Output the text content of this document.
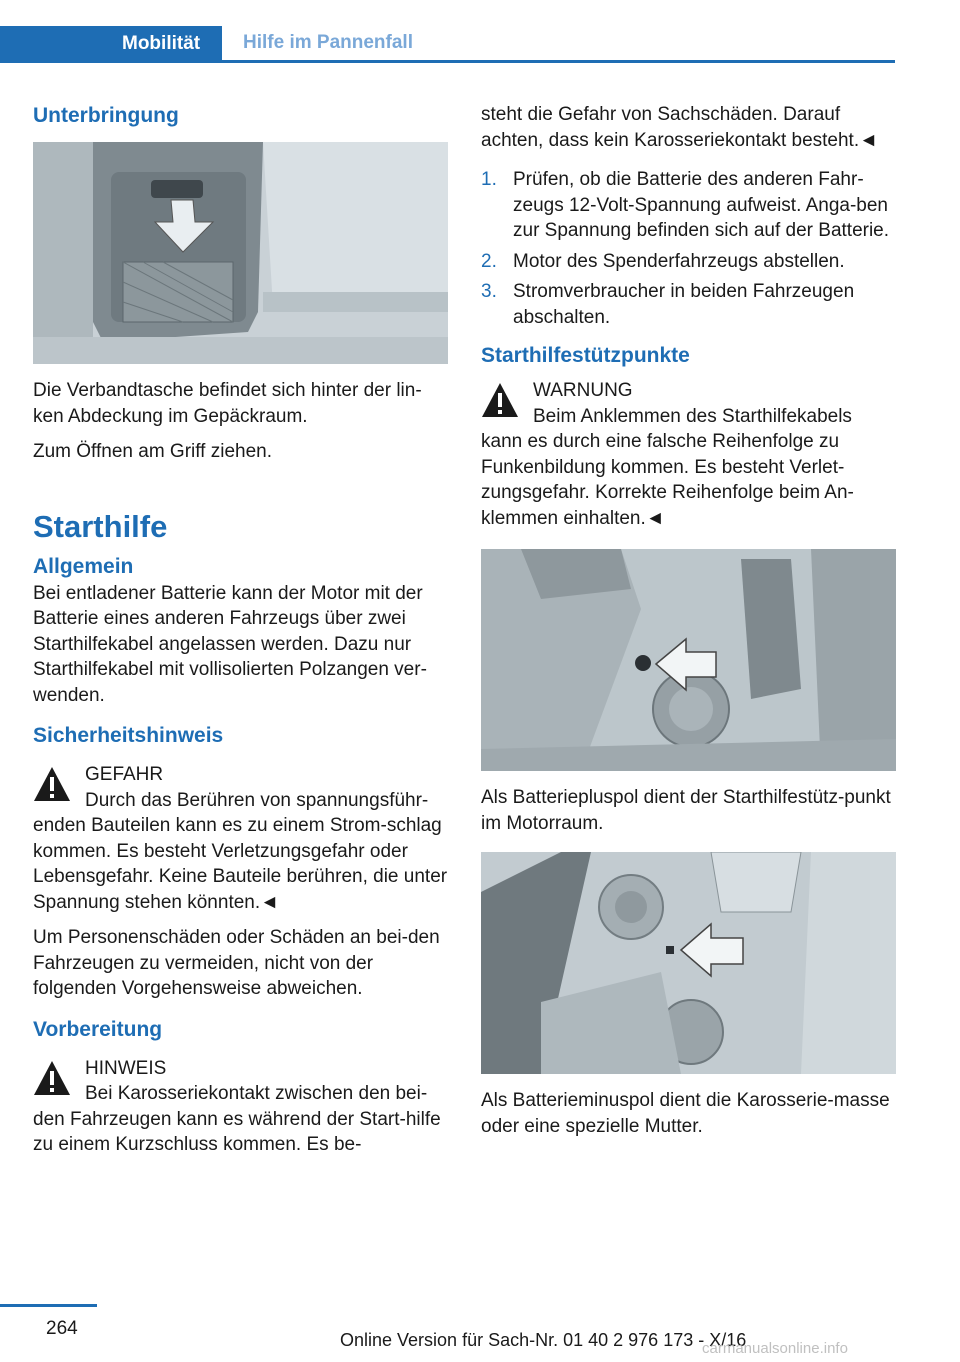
Mobilität	Hilfe im Pannenfall
Unterbringung

Die Verbandtasche befindet sich hinter der lin-ken Abdeckung im Gepäckraum.

Zum Öffnen am Griff ziehen.

Starthilfe
Allgemein

Bei entladener Batterie kann der Motor mit der Batterie eines anderen Fahrzeugs über zwei Starthilfekabel angelassen werden. Dazu nur Starthilfekabel mit vollisolierten Polzangen ver-wenden.

Sicherheitshinweis
GEFAHR
Durch das Berühren von spannungsführ-enden Bauteilen kann es zu einem Strom-schlag kommen. Es besteht Verletzungsgefahr oder Lebensgefahr. Keine Bauteile berühren, die unter Spannung stehen könnten.◄

Um Personenschäden oder Schäden an bei-den Fahrzeugen zu vermeiden, nicht von der folgenden Vorgehensweise abweichen.

Vorbereitung
HINWEIS
Bei Karosseriekontakt zwischen den bei-den Fahrzeugen kann es während der Start-hilfe zu einem Kurzschluss kommen. Es be-

steht die Gefahr von Sachschäden. Darauf achten, dass kein Karosseriekontakt besteht.◄

1. Prüfen, ob die Batterie des anderen Fahr-zeugs 12-Volt-Spannung aufweist. Anga-ben zur Spannung befinden sich auf der Batterie.
2. Motor des Spenderfahrzeugs abstellen.
3. Stromverbraucher in beiden Fahrzeugen abschalten.
Starthilfestützpunkte
WARNUNG
Beim Anklemmen des Starthilfekabels kann es durch eine falsche Reihenfolge zu Funkenbildung kommen. Es besteht Verlet-zungsgefahr. Korrekte Reihenfolge beim An-klemmen einhalten.◄

Als Batteriepluspol dient der Starthilfestütz-punkt im Motorraum.

Als Batterieminuspol dient die Karosserie-masse oder eine spezielle Mutter.

264
Online Version für Sach-Nr. 01 40 2 976 173 - X/16
carmanualsonline.info
